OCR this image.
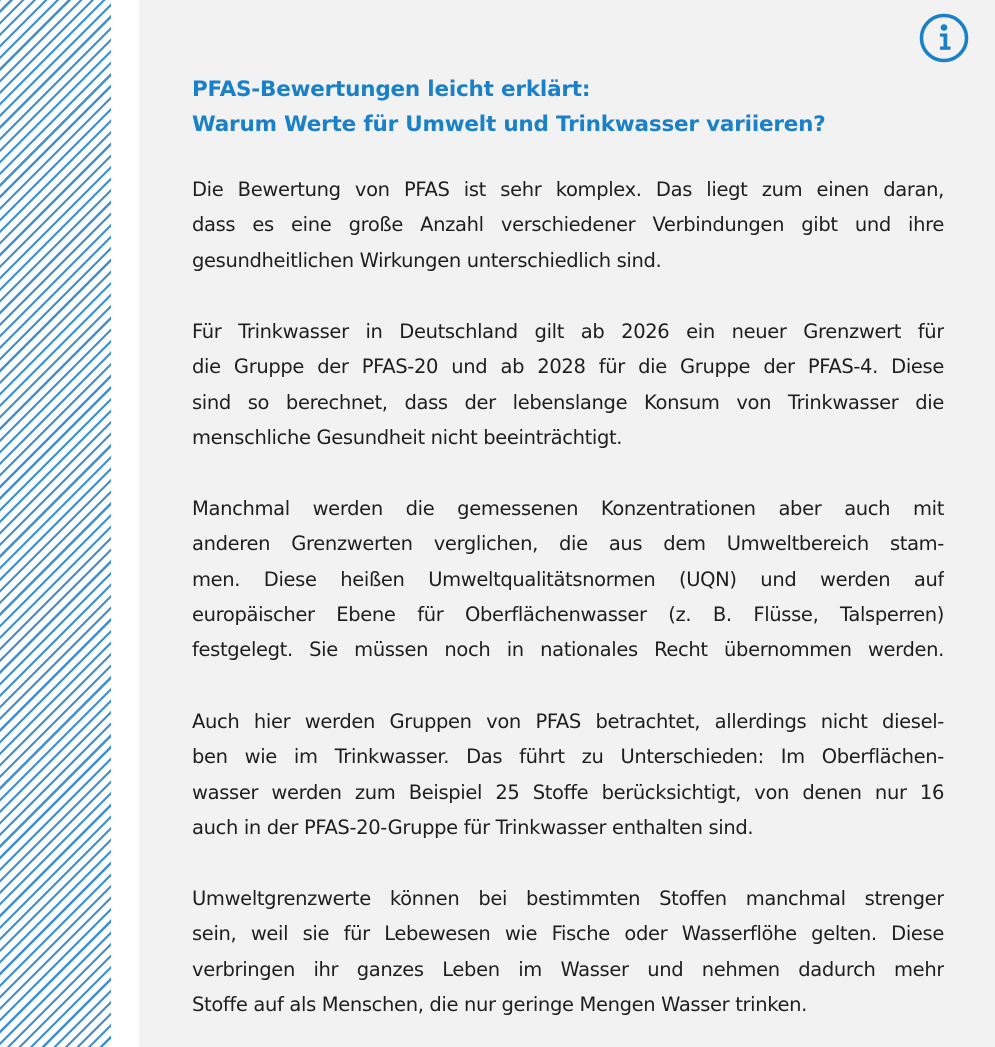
PFAS-Bewertungen leicht erklärt:
Warum Werte für Umwelt und Trinkwasser variieren?

Die Bewertung von PFAS ist sehr komplex. Das liegt zum einen daran,
dass es eine große Anzahl verschiedener Verbindungen gibt und ihre
gesundheitlichen Wirkungen unterschiedlich sind.

Für Trinkwasser in Deutschland gilt ab 2026 ein neuer Grenzwert für
die Gruppe der PFAS-20 und ab 2028 für die Gruppe der PFAS-4. Diese
sind so berechnet, dass der lebenslange Konsum von Trinkwasser die
menschliche Gesundheit nicht beeinträchtigt.

Manchmal werden die gemessenen Konzentrationen aber auch mit
anderen Grenzwerten verglichen, die aus dem Umweltbereich stam-
men. Diese heißen Umweltqualitätsnormen (UQN) und werden auf
europäischer Ebene für Oberflächenwasser (z. B. Flüsse, Talsperren)
festgelegt. Sie müssen noch in nationales Recht übernommen werden.

Auch hier werden Gruppen von PFAS betrachtet, allerdings nicht diesel-
ben wie im Trinkwasser. Das führt zu Unterschieden: Im Oberflächen-
wasser werden zum Beispiel 25 Stoffe berücksichtigt, von denen nur 16
auch in der PFAS-20-Gruppe für Trinkwasser enthalten sind.

Umweltgrenzwerte können bei bestimmten Stoffen manchmal strenger
sein, weil sie für Lebewesen wie Fische oder Wasserflöhe gelten. Diese
verbringen ihr ganzes Leben im Wasser und nehmen dadurch mehr
Stoffe auf als Menschen, die nur geringe Mengen Wasser trinken.
